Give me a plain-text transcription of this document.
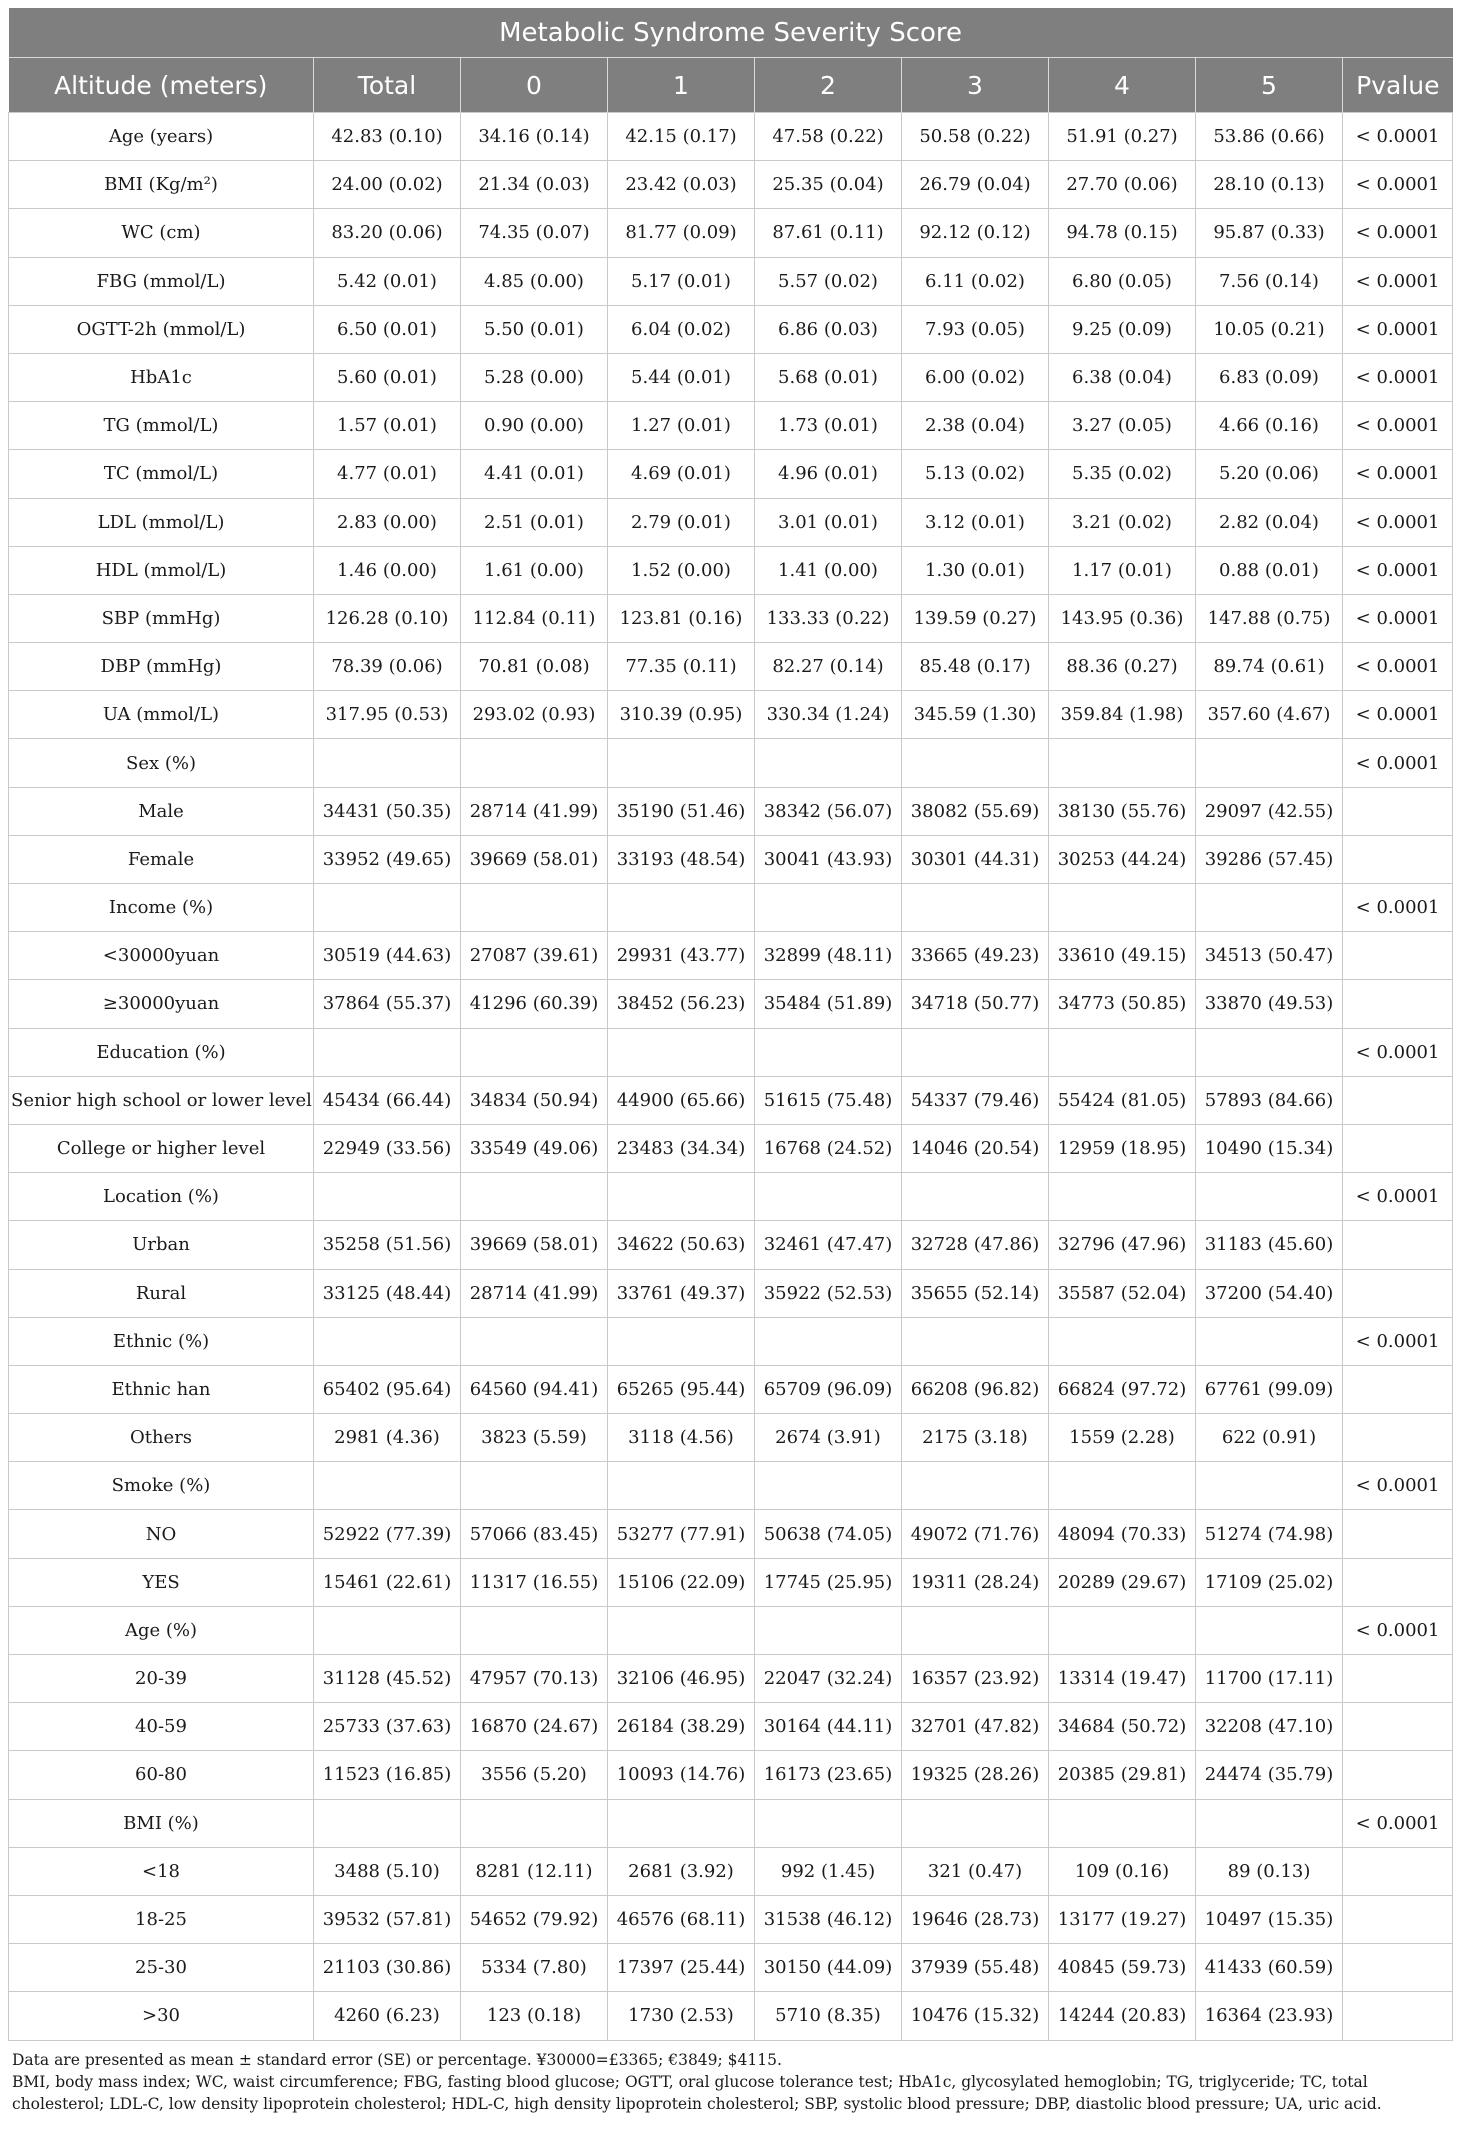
Metabolic Syndrome Severity Score								
Altitude (meters)	Total	0	1	2	3	4	5	Pvalue
Age (years)	42.83 (0.10)	34.16 (0.14)	42.15 (0.17)	47.58 (0.22)	50.58 (0.22)	51.91 (0.27)	53.86 (0.66)	< 0.0001
BMI (Kg/m²)	24.00 (0.02)	21.34 (0.03)	23.42 (0.03)	25.35 (0.04)	26.79 (0.04)	27.70 (0.06)	28.10 (0.13)	< 0.0001
WC (cm)	83.20 (0.06)	74.35 (0.07)	81.77 (0.09)	87.61 (0.11)	92.12 (0.12)	94.78 (0.15)	95.87 (0.33)	< 0.0001
FBG (mmol/L)	5.42 (0.01)	4.85 (0.00)	5.17 (0.01)	5.57 (0.02)	6.11 (0.02)	6.80 (0.05)	7.56 (0.14)	< 0.0001
OGTT-2h (mmol/L)	6.50 (0.01)	5.50 (0.01)	6.04 (0.02)	6.86 (0.03)	7.93 (0.05)	9.25 (0.09)	10.05 (0.21)	< 0.0001
HbA1c	5.60 (0.01)	5.28 (0.00)	5.44 (0.01)	5.68 (0.01)	6.00 (0.02)	6.38 (0.04)	6.83 (0.09)	< 0.0001
TG (mmol/L)	1.57 (0.01)	0.90 (0.00)	1.27 (0.01)	1.73 (0.01)	2.38 (0.04)	3.27 (0.05)	4.66 (0.16)	< 0.0001
TC (mmol/L)	4.77 (0.01)	4.41 (0.01)	4.69 (0.01)	4.96 (0.01)	5.13 (0.02)	5.35 (0.02)	5.20 (0.06)	< 0.0001
LDL (mmol/L)	2.83 (0.00)	2.51 (0.01)	2.79 (0.01)	3.01 (0.01)	3.12 (0.01)	3.21 (0.02)	2.82 (0.04)	< 0.0001
HDL (mmol/L)	1.46 (0.00)	1.61 (0.00)	1.52 (0.00)	1.41 (0.00)	1.30 (0.01)	1.17 (0.01)	0.88 (0.01)	< 0.0001
SBP (mmHg)	126.28 (0.10)	112.84 (0.11)	123.81 (0.16)	133.33 (0.22)	139.59 (0.27)	143.95 (0.36)	147.88 (0.75)	< 0.0001
DBP (mmHg)	78.39 (0.06)	70.81 (0.08)	77.35 (0.11)	82.27 (0.14)	85.48 (0.17)	88.36 (0.27)	89.74 (0.61)	< 0.0001
UA (mmol/L)	317.95 (0.53)	293.02 (0.93)	310.39 (0.95)	330.34 (1.24)	345.59 (1.30)	359.84 (1.98)	357.60 (4.67)	< 0.0001
Sex (%)								< 0.0001
Male	34431 (50.35)	28714 (41.99)	35190 (51.46)	38342 (56.07)	38082 (55.69)	38130 (55.76)	29097 (42.55)	
Female	33952 (49.65)	39669 (58.01)	33193 (48.54)	30041 (43.93)	30301 (44.31)	30253 (44.24)	39286 (57.45)	
Income (%)								< 0.0001
<30000yuan	30519 (44.63)	27087 (39.61)	29931 (43.77)	32899 (48.11)	33665 (49.23)	33610 (49.15)	34513 (50.47)	
≥30000yuan	37864 (55.37)	41296 (60.39)	38452 (56.23)	35484 (51.89)	34718 (50.77)	34773 (50.85)	33870 (49.53)	
Education (%)								< 0.0001
Senior high school or lower level	45434 (66.44)	34834 (50.94)	44900 (65.66)	51615 (75.48)	54337 (79.46)	55424 (81.05)	57893 (84.66)	
College or higher level	22949 (33.56)	33549 (49.06)	23483 (34.34)	16768 (24.52)	14046 (20.54)	12959 (18.95)	10490 (15.34)	
Location (%)								< 0.0001
Urban	35258 (51.56)	39669 (58.01)	34622 (50.63)	32461 (47.47)	32728 (47.86)	32796 (47.96)	31183 (45.60)	
Rural	33125 (48.44)	28714 (41.99)	33761 (49.37)	35922 (52.53)	35655 (52.14)	35587 (52.04)	37200 (54.40)	
Ethnic (%)								< 0.0001
Ethnic han	65402 (95.64)	64560 (94.41)	65265 (95.44)	65709 (96.09)	66208 (96.82)	66824 (97.72)	67761 (99.09)	
Others	2981 (4.36)	3823 (5.59)	3118 (4.56)	2674 (3.91)	2175 (3.18)	1559 (2.28)	622 (0.91)	
Smoke (%)								< 0.0001
NO	52922 (77.39)	57066 (83.45)	53277 (77.91)	50638 (74.05)	49072 (71.76)	48094 (70.33)	51274 (74.98)	
YES	15461 (22.61)	11317 (16.55)	15106 (22.09)	17745 (25.95)	19311 (28.24)	20289 (29.67)	17109 (25.02)	
Age (%)								< 0.0001
20-39	31128 (45.52)	47957 (70.13)	32106 (46.95)	22047 (32.24)	16357 (23.92)	13314 (19.47)	11700 (17.11)	
40-59	25733 (37.63)	16870 (24.67)	26184 (38.29)	30164 (44.11)	32701 (47.82)	34684 (50.72)	32208 (47.10)	
60-80	11523 (16.85)	3556 (5.20)	10093 (14.76)	16173 (23.65)	19325 (28.26)	20385 (29.81)	24474 (35.79)	
BMI (%)								< 0.0001
<18	3488 (5.10)	8281 (12.11)	2681 (3.92)	992 (1.45)	321 (0.47)	109 (0.16)	89 (0.13)	
18-25	39532 (57.81)	54652 (79.92)	46576 (68.11)	31538 (46.12)	19646 (28.73)	13177 (19.27)	10497 (15.35)	
25-30	21103 (30.86)	5334 (7.80)	17397 (25.44)	30150 (44.09)	37939 (55.48)	40845 (59.73)	41433 (60.59)	
>30	4260 (6.23)	123 (0.18)	1730 (2.53)	5710 (8.35)	10476 (15.32)	14244 (20.83)	16364 (23.93)	

Data are presented as mean ± standard error (SE) or percentage. ¥30000=£3365; €3849; $4115.

BMI, body mass index; WC, waist circumference; FBG, fasting blood glucose; OGTT, oral glucose tolerance test; HbA1c, glycosylated hemoglobin; TG, triglyceride; TC, total cholesterol; LDL-C, low density lipoprotein cholesterol; HDL-C, high density lipoprotein cholesterol; SBP, systolic blood pressure; DBP, diastolic blood pressure; UA, uric acid.
